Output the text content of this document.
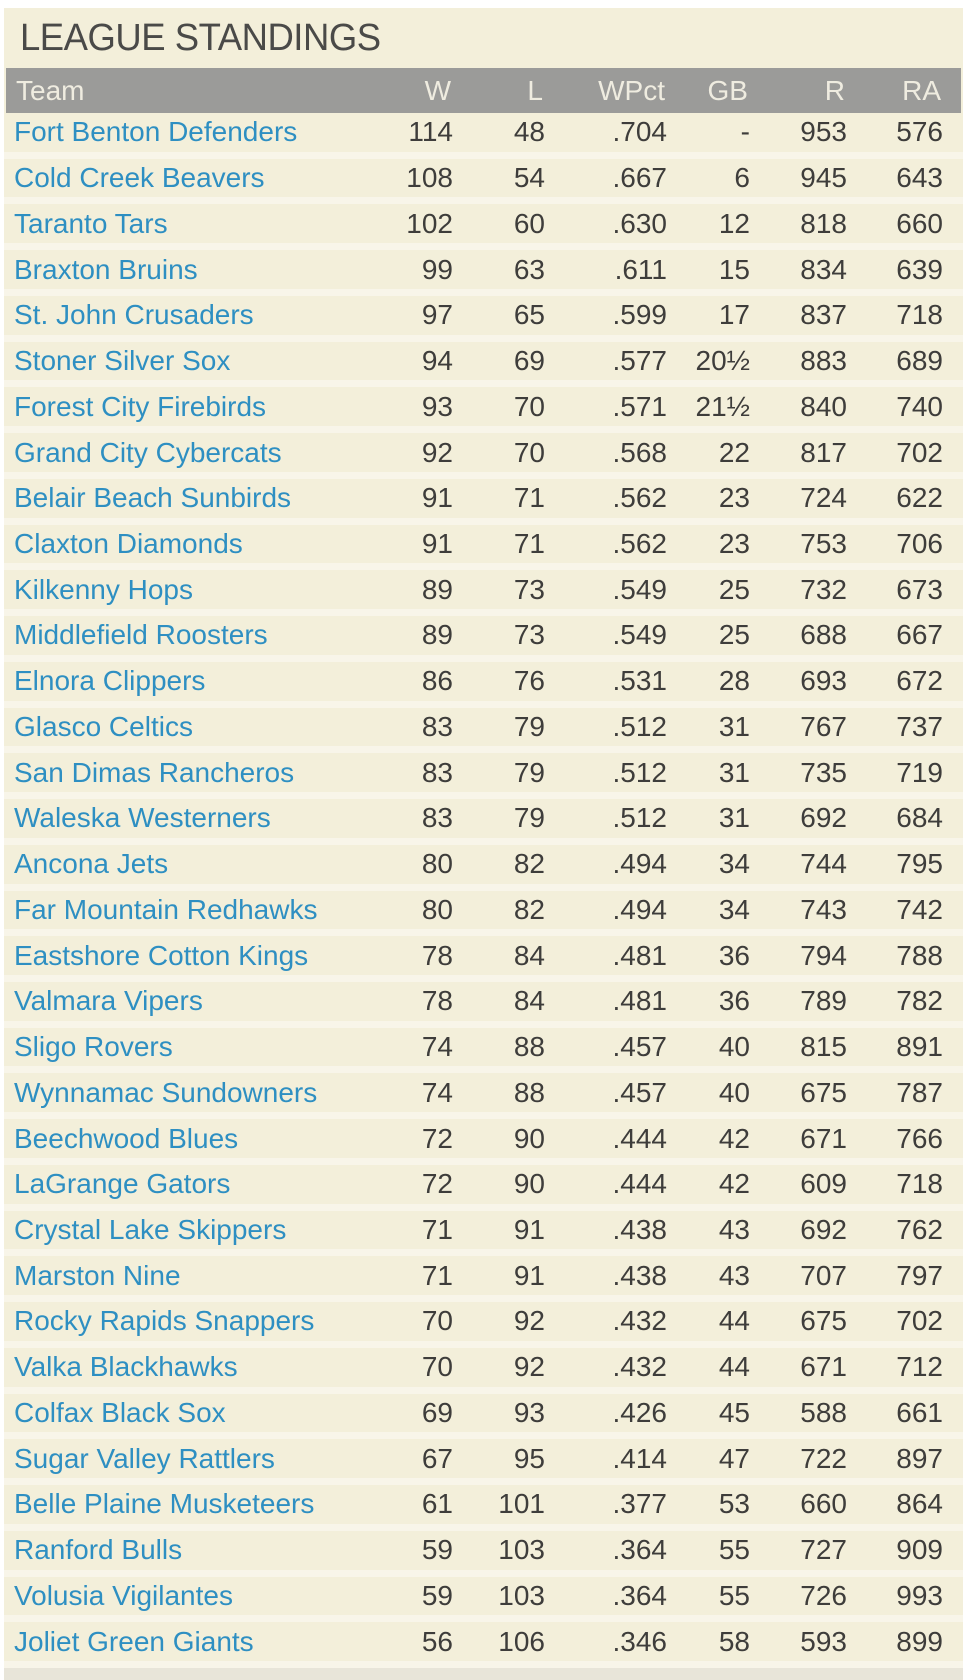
LEAGUE STANDINGS
Team	W	L	WPct	GB	R	RA
Fort Benton Defenders	114	48	.704	-	953	576
Cold Creek Beavers	108	54	.667	6	945	643
Taranto Tars	102	60	.630	12	818	660
Braxton Bruins	99	63	.611	15	834	639
St. John Crusaders	97	65	.599	17	837	718
Stoner Silver Sox	94	69	.577	20½	883	689
Forest City Firebirds	93	70	.571	21½	840	740
Grand City Cybercats	92	70	.568	22	817	702
Belair Beach Sunbirds	91	71	.562	23	724	622
Claxton Diamonds	91	71	.562	23	753	706
Kilkenny Hops	89	73	.549	25	732	673
Middlefield Roosters	89	73	.549	25	688	667
Elnora Clippers	86	76	.531	28	693	672
Glasco Celtics	83	79	.512	31	767	737
San Dimas Rancheros	83	79	.512	31	735	719
Waleska Westerners	83	79	.512	31	692	684
Ancona Jets	80	82	.494	34	744	795
Far Mountain Redhawks	80	82	.494	34	743	742
Eastshore Cotton Kings	78	84	.481	36	794	788
Valmara Vipers	78	84	.481	36	789	782
Sligo Rovers	74	88	.457	40	815	891
Wynnamac Sundowners	74	88	.457	40	675	787
Beechwood Blues	72	90	.444	42	671	766
LaGrange Gators	72	90	.444	42	609	718
Crystal Lake Skippers	71	91	.438	43	692	762
Marston Nine	71	91	.438	43	707	797
Rocky Rapids Snappers	70	92	.432	44	675	702
Valka Blackhawks	70	92	.432	44	671	712
Colfax Black Sox	69	93	.426	45	588	661
Sugar Valley Rattlers	67	95	.414	47	722	897
Belle Plaine Musketeers	61	101	.377	53	660	864
Ranford Bulls	59	103	.364	55	727	909
Volusia Vigilantes	59	103	.364	55	726	993
Joliet Green Giants	56	106	.346	58	593	899
